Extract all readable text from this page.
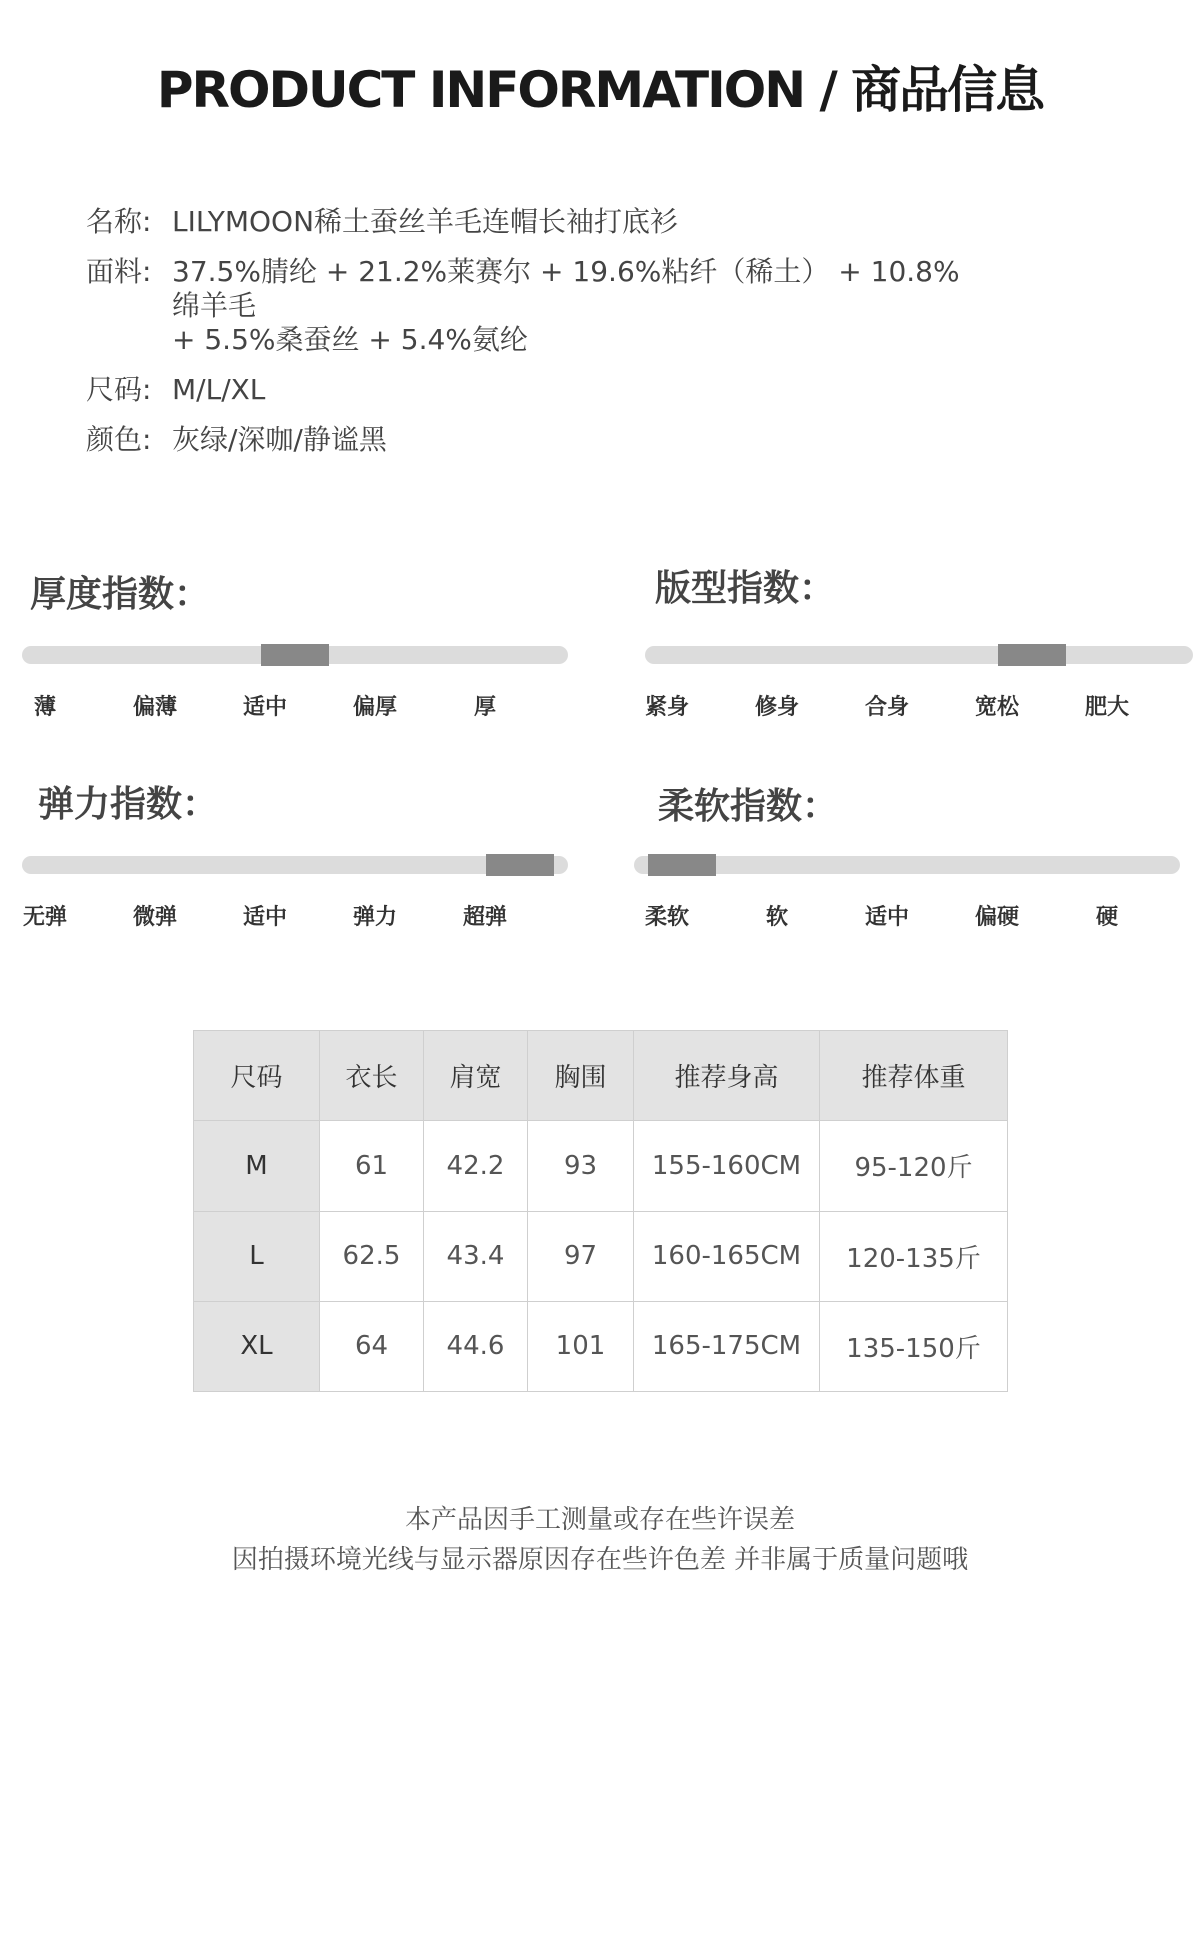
PRODUCT INFORMATION / 商品信息
名称: LILYMOON稀土蚕丝羊毛连帽长袖打底衫
面料: 37.5%腈纶 + 21.2%莱赛尔 + 19.6%粘纤（稀土） + 10.8%绵羊毛
+ 5.5%桑蚕丝 + 5.4%氨纶
尺码: M/L/XL
颜色: 灰绿/深咖/静谧黑
厚度指数：
薄	偏薄	适中	偏厚	厚
版型指数：
紧身	修身	合身	宽松	肥大
弹力指数：
无弹	微弹	适中	弹力	超弹
柔软指数：
柔软	软	适中	偏硬	硬
尺码	衣长	肩宽	胸围	推荐身高	推荐体重
M	61	42.2	93	155-160CM	95-120斤
L	62.5	43.4	97	160-165CM	120-135斤
XL	64	44.6	101	165-175CM	135-150斤
本产品因手工测量或存在些许误差
因拍摄环境光线与显示器原因存在些许色差 并非属于质量问题哦
